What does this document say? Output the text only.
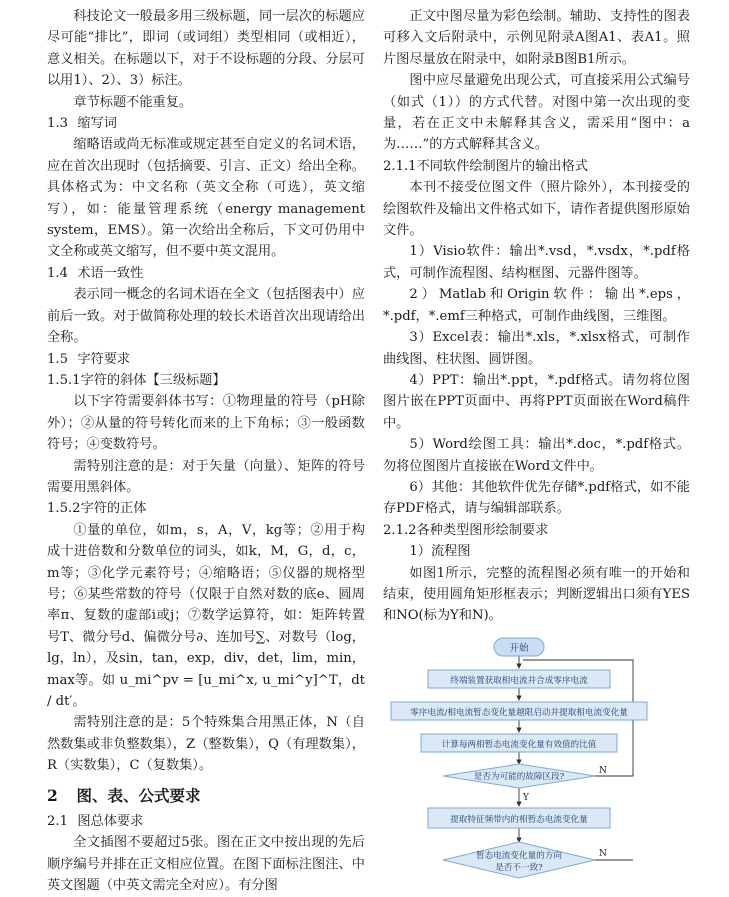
科技论文一般最多用三级标题，同一层次的标题应尽可能“排比”，即词（或词组）类型相同（或相近），意义相关。在标题以下，对于不设标题的分段、分层可以用1）、2）、3）标注。

章节标题不能重复。

1.3 缩写词

缩略语或尚无标准或规定甚至自定义的名词术语，应在首次出现时（包括摘要、引言、正文）给出全称。具体格式为：中文名称（英文全称（可选），英文缩写），如：能量管理系统（energy management system，EMS）。第一次给出全称后，下文可仍用中文全称或英文缩写，但不要中英文混用。

1.4 术语一致性

表示同一概念的名词术语在全文（包括图表中）应前后一致。对于做简称处理的较长术语首次出现请给出全称。

1.5 字符要求

1.5.1字符的斜体【三级标题】

以下字符需要斜体书写：①物理量的符号（pH除外）；②从量的符号转化而来的上下角标；③一般函数符号；④变数符号。

需特别注意的是：对于矢量（向量）、矩阵的符号需要用黑斜体。

1.5.2字符的正体

①量的单位，如m，s，A，V，kg等；②用于构成十进倍数和分数单位的词头，如k，M，G，d，c，m等；③化学元素符号；④缩略语；⑤仪器的规格型号；⑥某些常数的符号（仅限于自然对数的底e、圆周率π、复数的虚部i或j；⑦数学运算符，如：矩阵转置号T、微分号d、偏微分号∂、连加号∑、对数号（log，lg，ln），及sin，tan，exp，div，det，lim，min，max等。如 u_mi^pv = [u_mi^x, u_mi^y]^T，dt / dt′。

需特别注意的是：5个特殊集合用黑正体，N（自然数集或非负整数集），Z（整数集），Q（有理数集），R（实数集），C（复数集）。

2 图、表、公式要求

2.1 图总体要求

全文插图不要超过5张。图在正文中按出现的先后顺序编号并排在正文相应位置。在图下面标注图注、中英文图题（中英文需完全对应）。有分图

正文中图尽量为彩色绘制。辅助、支持性的图表可移入文后附录中，示例见附录A图A1、表A1。照片图尽量放在附录中，如附录B图B1所示。

图中应尽量避免出现公式，可直接采用公式编号（如式（1））的方式代替。对图中第一次出现的变量，若在正文中未解释其含义，需采用“图中：a为……”的方式解释其含义。

2.1.1不同软件绘制图片的输出格式

本刊不接受位图文件（照片除外），本刊接受的绘图软件及输出文件格式如下，请作者提供图形原始文件。

1）Visio软件：输出*.vsd，*.vsdx，*.pdf格式，可制作流程图、结构框图、元器件图等。

2）Matlab和Origin软件：输出*.eps，*.pdf，*.emf三种格式，可制作曲线图，三维图。

3）Excel表：输出*.xls，*.xlsx格式，可制作曲线图、柱状图、圆饼图。

4）PPT：输出*.ppt，*.pdf格式。请勿将位图图片嵌在PPT页面中、再将PPT页面嵌在Word稿件中。

5）Word绘图工具：输出*.doc，*.pdf格式。勿将位图图片直接嵌在Word文件中。

6）其他：其他软件优先存储*.pdf格式，如不能存PDF格式，请与编辑部联系。

2.1.2各种类型图形绘制要求

1）流程图

如图1所示，完整的流程图必须有唯一的开始和结束，使用圆角矩形框表示；判断逻辑出口须有YES和NO(标为Y和N)。

开始
终端装置获取相电流并合成零序电流
零序电流/相电流暂态变化量越限启动并提取相电流变化量
计算每两相暂态电流变化量有效值的比值
是否为可能的故障区段?
N
Y
提取特征频带内的相暂态电流变化量
暂态电流变化量的方向
是否不一致?
N
